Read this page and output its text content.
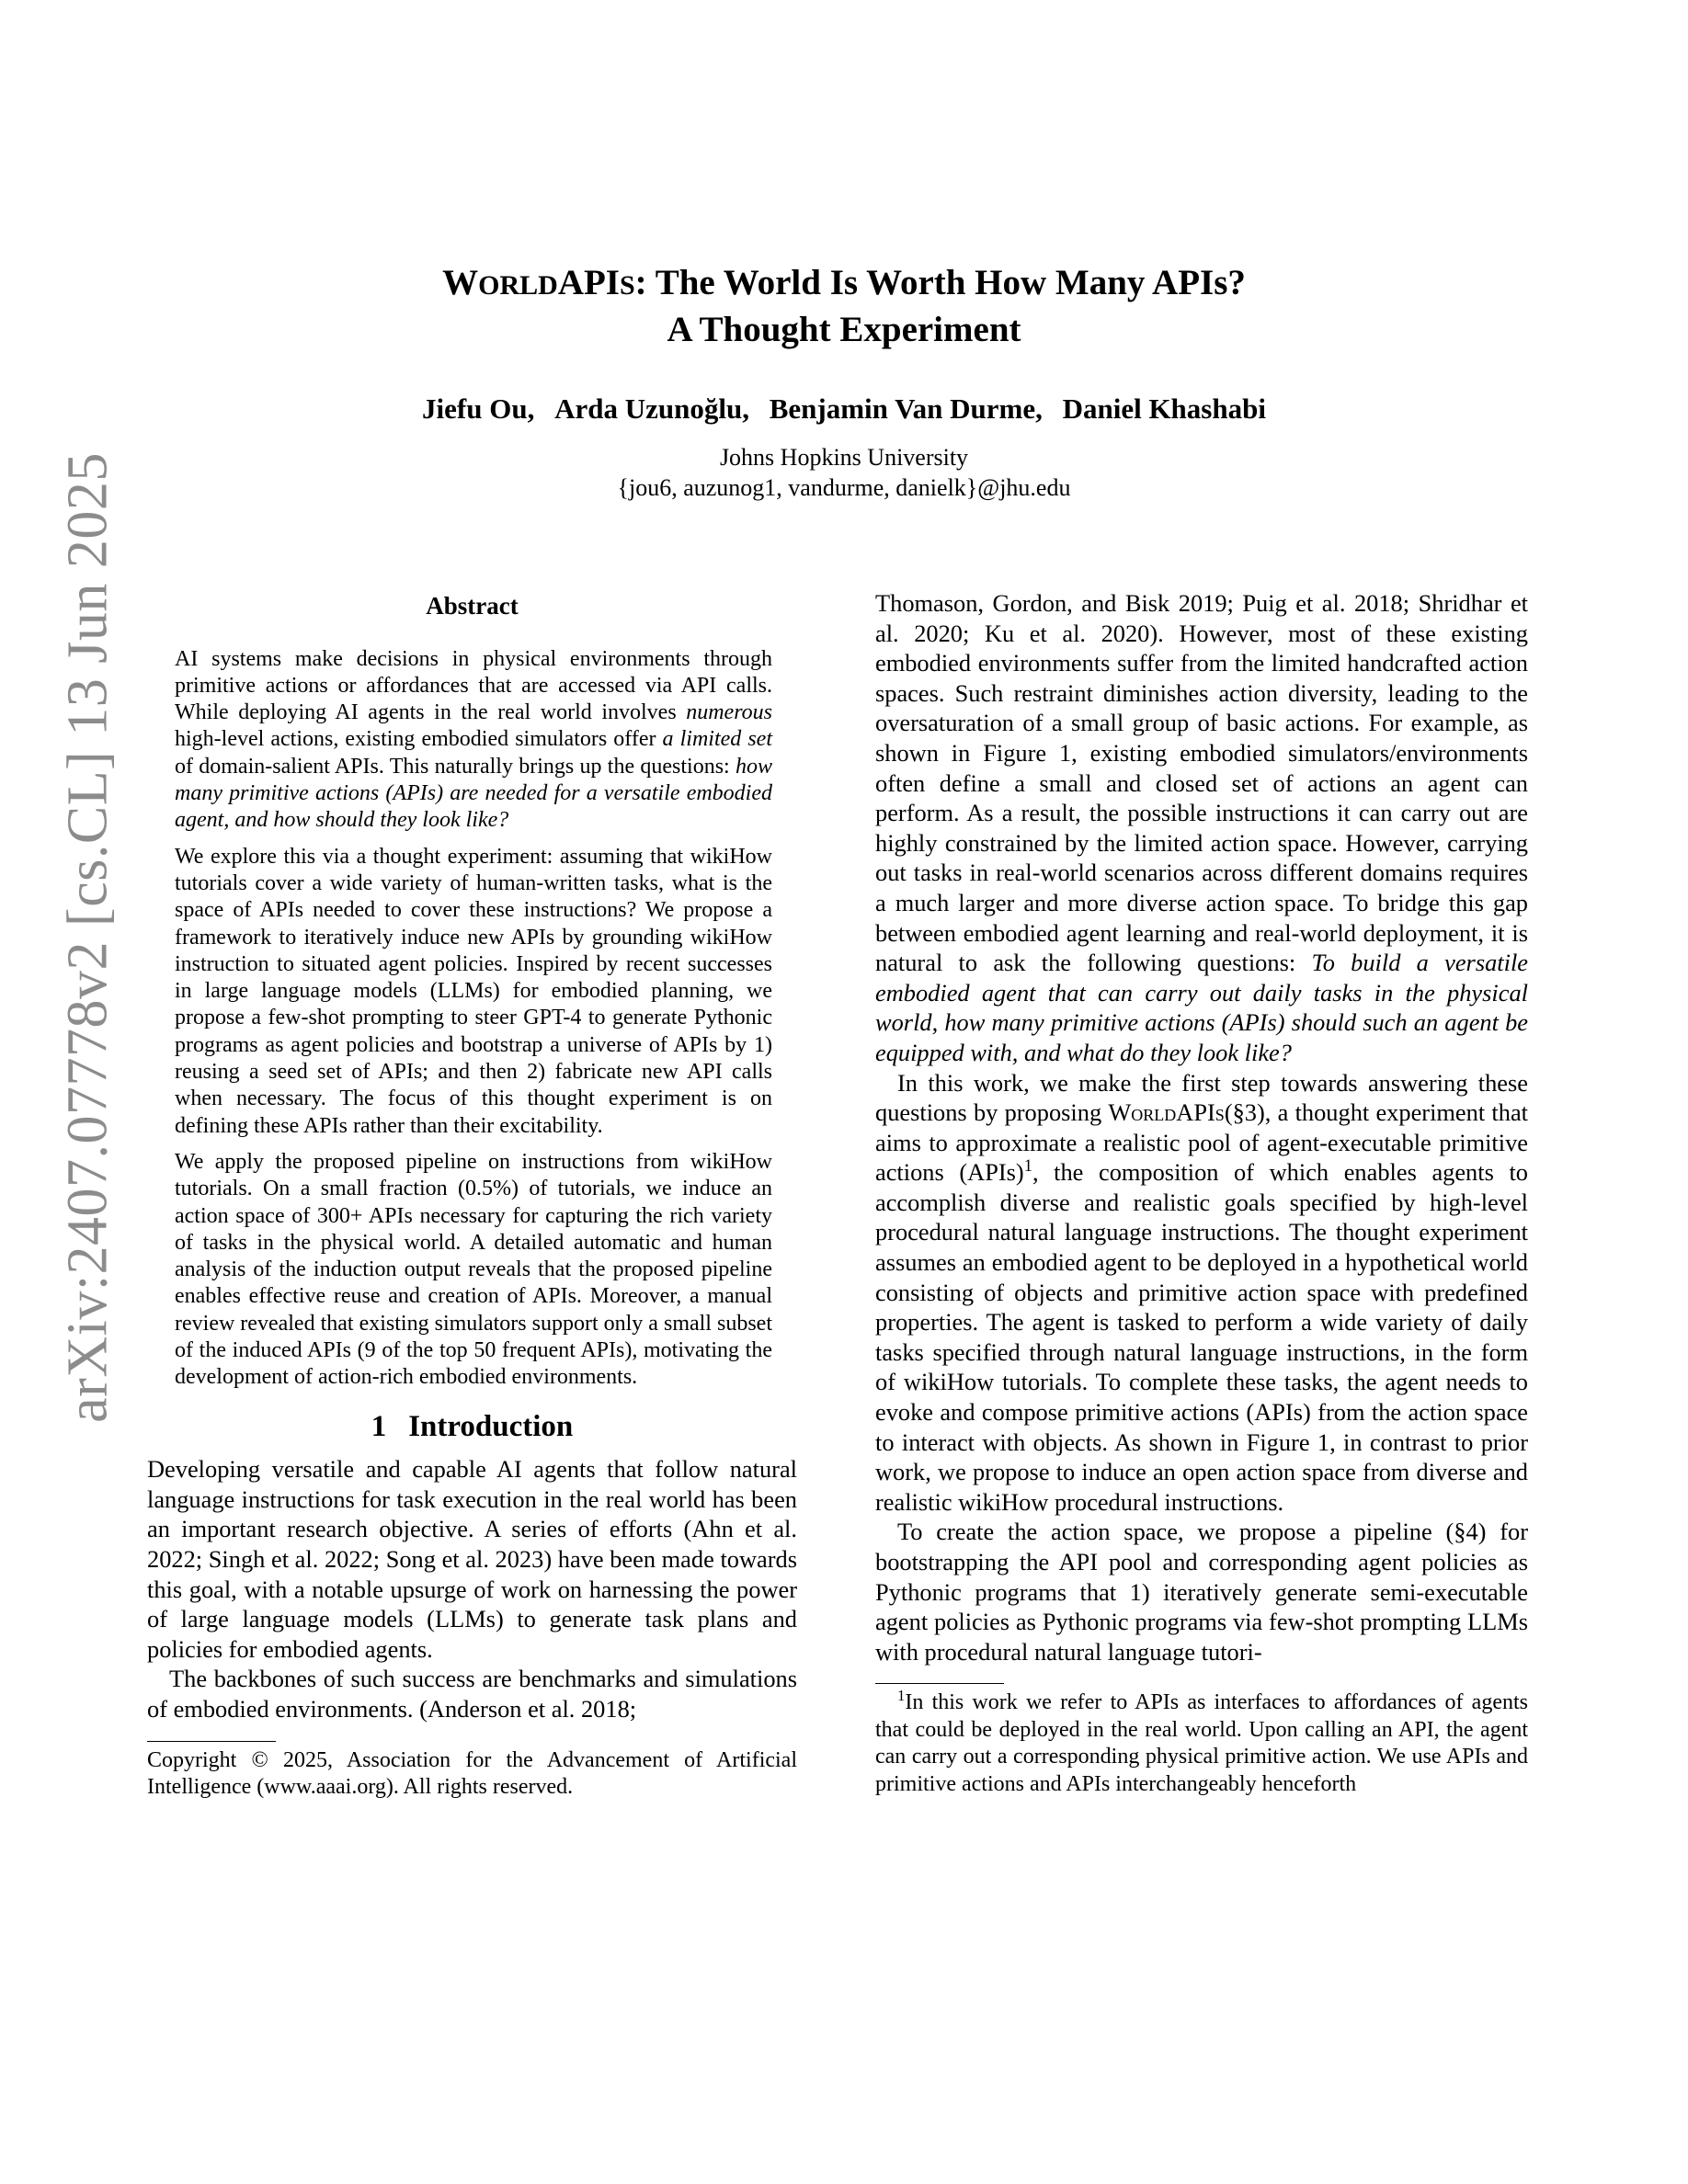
arXiv:2407.07778v2 [cs.CL] 13 Jun 2025
WORLDAPIS: The World Is Worth How Many APIs?
A Thought Experiment
Jiefu Ou, Arda Uzunoğlu, Benjamin Van Durme, Daniel Khashabi
Johns Hopkins University
{jou6, auzunog1, vandurme, danielk}@jhu.edu
Abstract

AI systems make decisions in physical environments through primitive actions or affordances that are accessed via API calls. While deploying AI agents in the real world involves numerous high-level actions, existing embodied simulators offer a limited set of domain-salient APIs. This naturally brings up the questions: how many primitive actions (APIs) are needed for a versatile embodied agent, and how should they look like?

We explore this via a thought experiment: assuming that wikiHow tutorials cover a wide variety of human-written tasks, what is the space of APIs needed to cover these instructions? We propose a framework to iteratively induce new APIs by grounding wikiHow instruction to situated agent policies. Inspired by recent successes in large language models (LLMs) for embodied planning, we propose a few-shot prompting to steer GPT-4 to generate Pythonic programs as agent policies and bootstrap a universe of APIs by 1) reusing a seed set of APIs; and then 2) fabricate new API calls when necessary. The focus of this thought experiment is on defining these APIs rather than their excitability.

We apply the proposed pipeline on instructions from wikiHow tutorials. On a small fraction (0.5%) of tutorials, we induce an action space of 300+ APIs necessary for capturing the rich variety of tasks in the physical world. A detailed automatic and human analysis of the induction output reveals that the proposed pipeline enables effective reuse and creation of APIs. Moreover, a manual review revealed that existing simulators support only a small subset of the induced APIs (9 of the top 50 frequent APIs), motivating the development of action-rich embodied environments.

1 Introduction

Developing versatile and capable AI agents that follow natural language instructions for task execution in the real world has been an important research objective. A series of efforts (Ahn et al. 2022; Singh et al. 2022; Song et al. 2023) have been made towards this goal, with a notable upsurge of work on harnessing the power of large language models (LLMs) to generate task plans and policies for embodied agents.

The backbones of such success are benchmarks and simulations of embodied environments. (Anderson et al. 2018;

Copyright © 2025, Association for the Advancement of Artificial Intelligence (www.aaai.org). All rights reserved.

Thomason, Gordon, and Bisk 2019; Puig et al. 2018; Shridhar et al. 2020; Ku et al. 2020). However, most of these existing embodied environments suffer from the limited handcrafted action spaces. Such restraint diminishes action diversity, leading to the oversaturation of a small group of basic actions. For example, as shown in Figure 1, existing embodied simulators/environments often define a small and closed set of actions an agent can perform. As a result, the possible instructions it can carry out are highly constrained by the limited action space. However, carrying out tasks in real-world scenarios across different domains requires a much larger and more diverse action space. To bridge this gap between embodied agent learning and real-world deployment, it is natural to ask the following questions: To build a versatile embodied agent that can carry out daily tasks in the physical world, how many primitive actions (APIs) should such an agent be equipped with, and what do they look like?

In this work, we make the first step towards answering these questions by proposing WorldAPIs(§3), a thought experiment that aims to approximate a realistic pool of agent-executable primitive actions (APIs)$^1$, the composition of which enables agents to accomplish diverse and realistic goals specified by high-level procedural natural language instructions. The thought experiment assumes an embodied agent to be deployed in a hypothetical world consisting of objects and primitive action space with predefined properties. The agent is tasked to perform a wide variety of daily tasks specified through natural language instructions, in the form of wikiHow tutorials. To complete these tasks, the agent needs to evoke and compose primitive actions (APIs) from the action space to interact with objects. As shown in Figure 1, in contrast to prior work, we propose to induce an open action space from diverse and realistic wikiHow procedural instructions.

To create the action space, we propose a pipeline (§4) for bootstrapping the API pool and corresponding agent policies as Pythonic programs that 1) iteratively generate semi-executable agent policies as Pythonic programs via few-shot prompting LLMs with procedural natural language tutori-

$^1$In this work we refer to APIs as interfaces to affordances of agents that could be deployed in the real world. Upon calling an API, the agent can carry out a corresponding physical primitive action. We use APIs and primitive actions and APIs interchangeably henceforth
